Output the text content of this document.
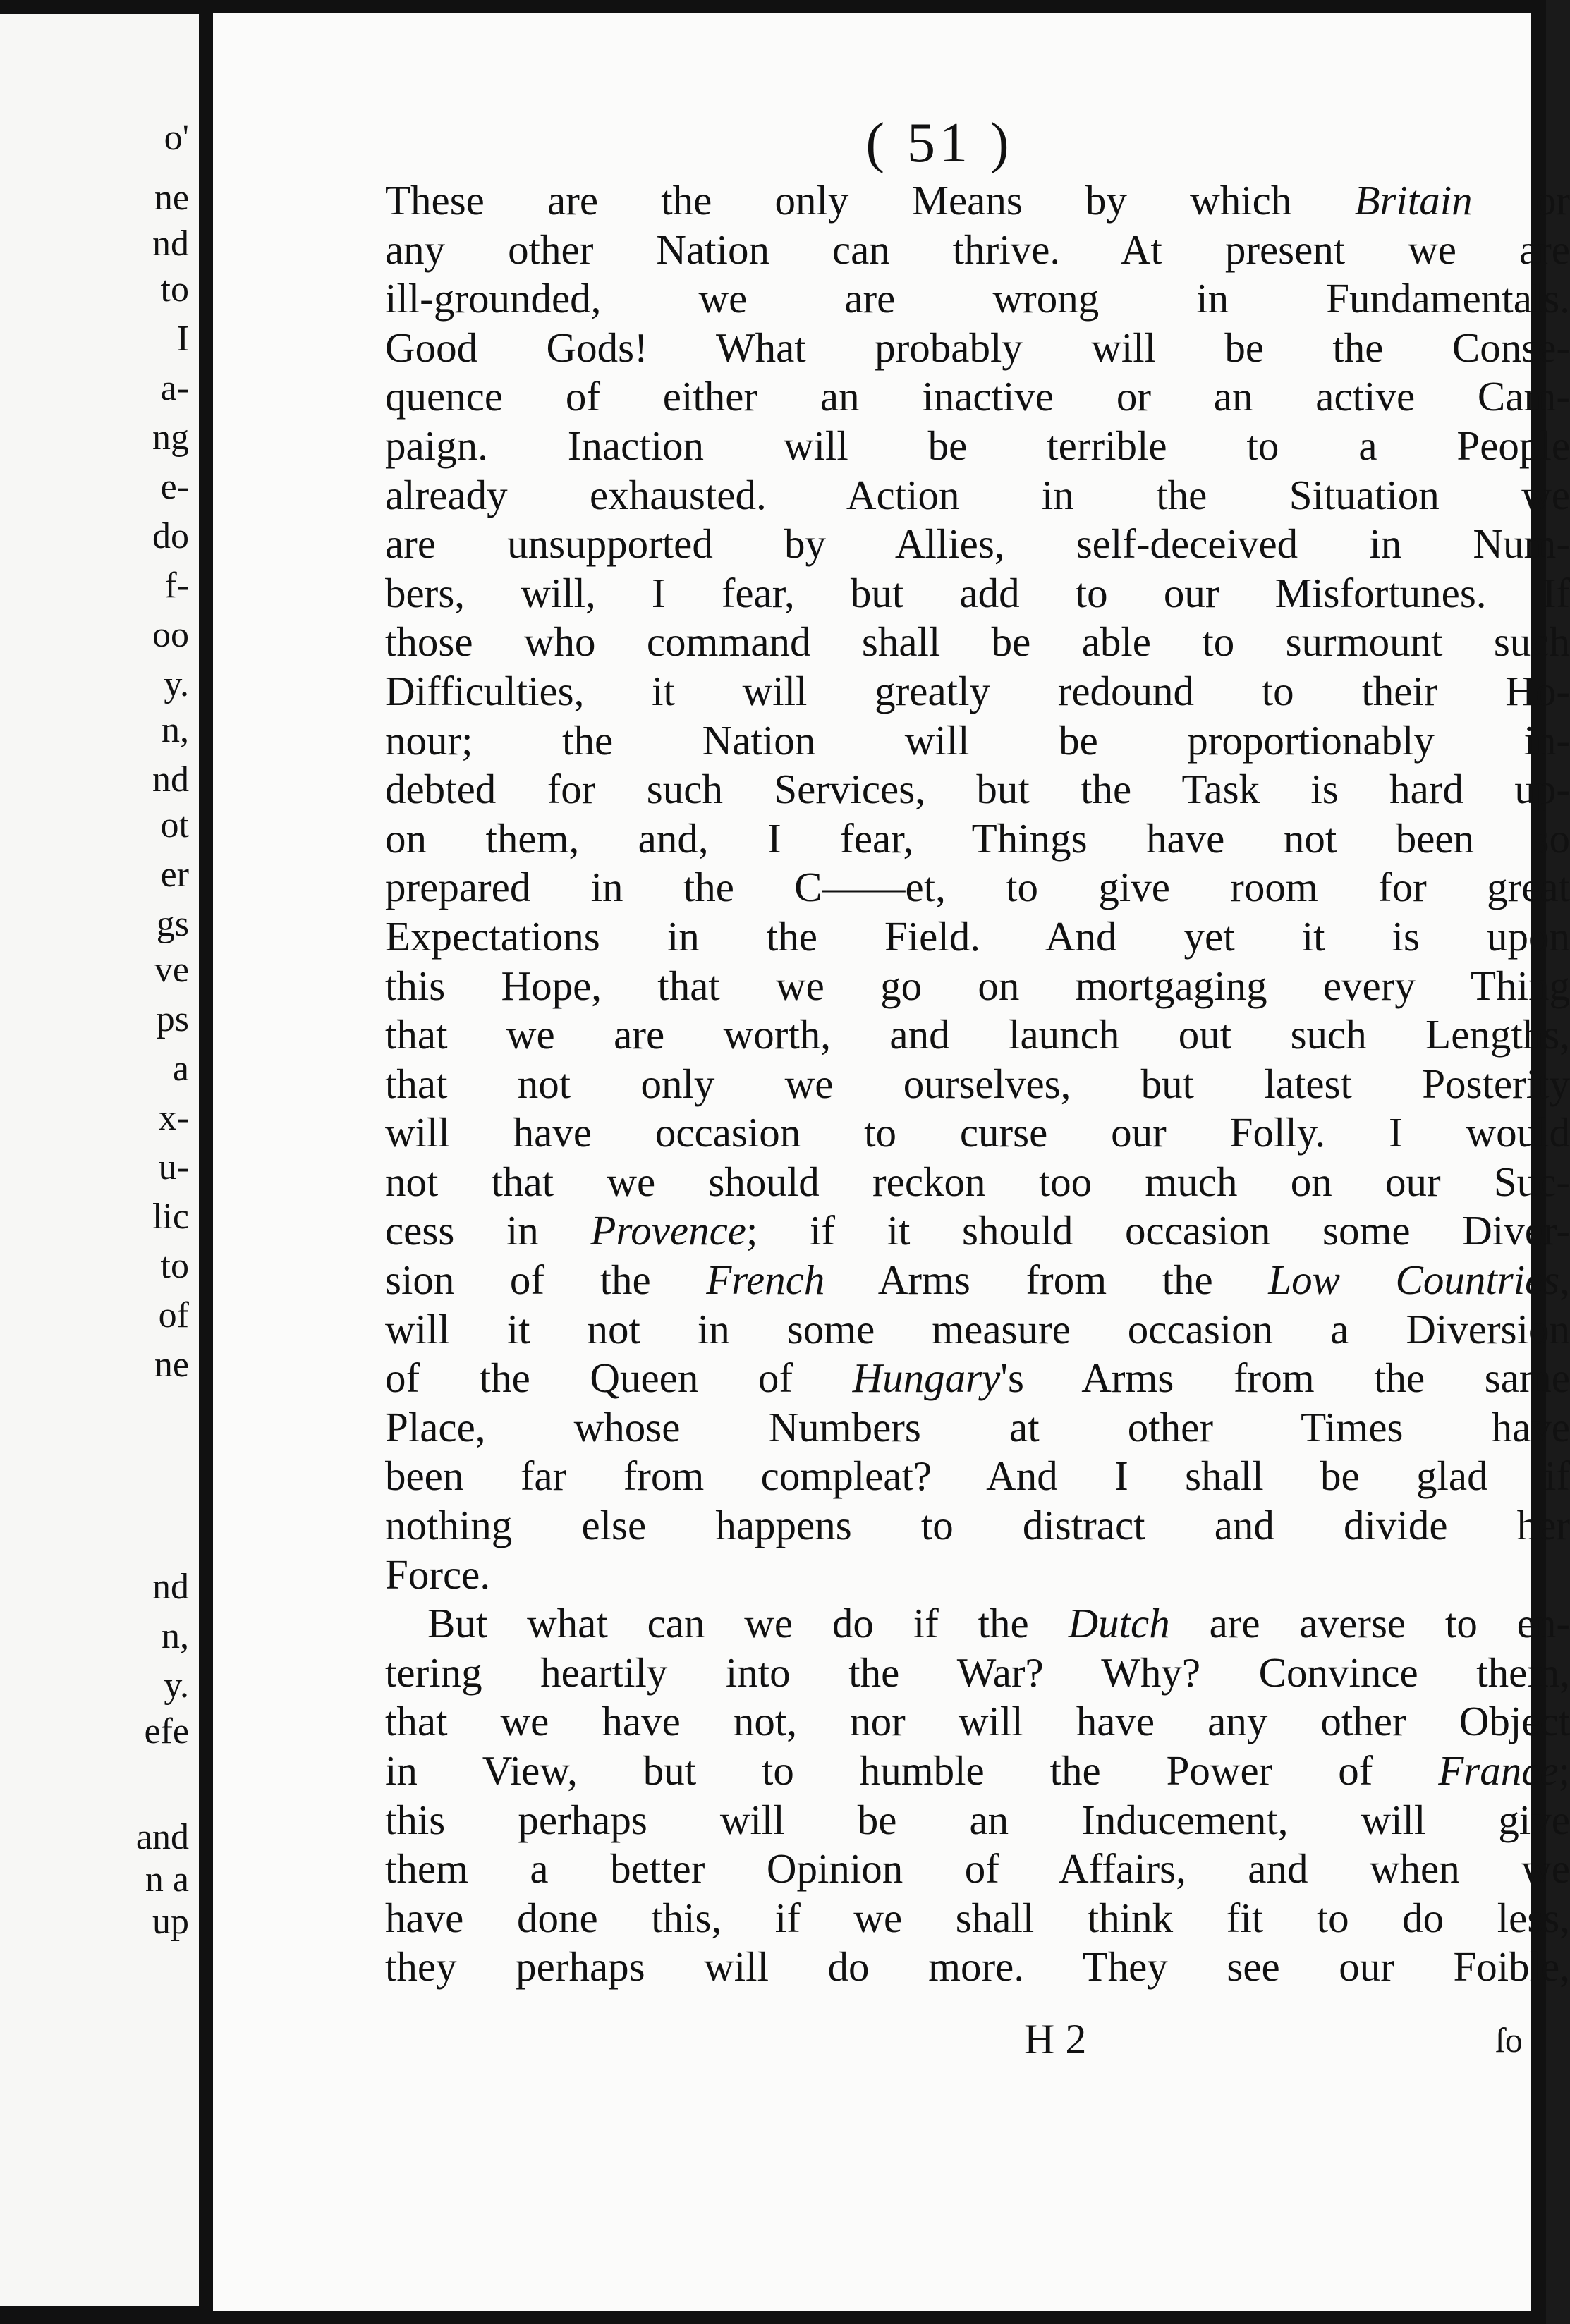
o'
ne
nd
to
I
a-
ng
e-
do
f-
oo
y.
n,
nd
ot
er
gs
ve
ps
a
x-
u-
lic
to
of
ne
nd
n,
y.
efe
and
n a
up
( 51 )
These are the only Means by which Britain or
any other Nation can thrive. At present we are
ill-grounded, we are wrong in Fundamentals.
Good Gods! What probably will be the Conse-
quence of either an inactive or an active Cam-
paign. Inaction will be terrible to a People
already exhausted. Action in the Situation we
are unsupported by Allies, self-deceived in Num-
bers, will, I fear, but add to our Misfortunes. If
those who command shall be able to surmount such
Difficulties, it will greatly redound to their Ho-
nour; the Nation will be proportionably in-
debted for such Services, but the Task is hard up-
on them, and, I fear, Things have not been so
prepared in the C——et, to give room for great
Expectations in the Field. And yet it is upon
this Hope, that we go on mortgaging every Thing
that we are worth, and launch out such Lengths,
that not only we ourselves, but latest Posterity
will have occasion to curse our Folly. I would
not that we should reckon too much on our Suc-
cess in Provence; if it should occasion some Diver-
sion of the French Arms from the Low Countries,
will it not in some measure occasion a Diversion
of the Queen of Hungary's Arms from the same
Place, whose Numbers at other Times have
been far from compleat? And I shall be glad if
nothing else happens to distract and divide her
Force.
But what can we do if the Dutch are averse to en-
tering heartily into the War? Why? Convince them,
that we have not, nor will have any other Object
in View, but to humble the Power of France;
this perhaps will be an Inducement, will give
them a better Opinion of Affairs, and when we
have done this, if we shall think fit to do less,
they perhaps will do more. They see our Foible,
H 2	ſo
